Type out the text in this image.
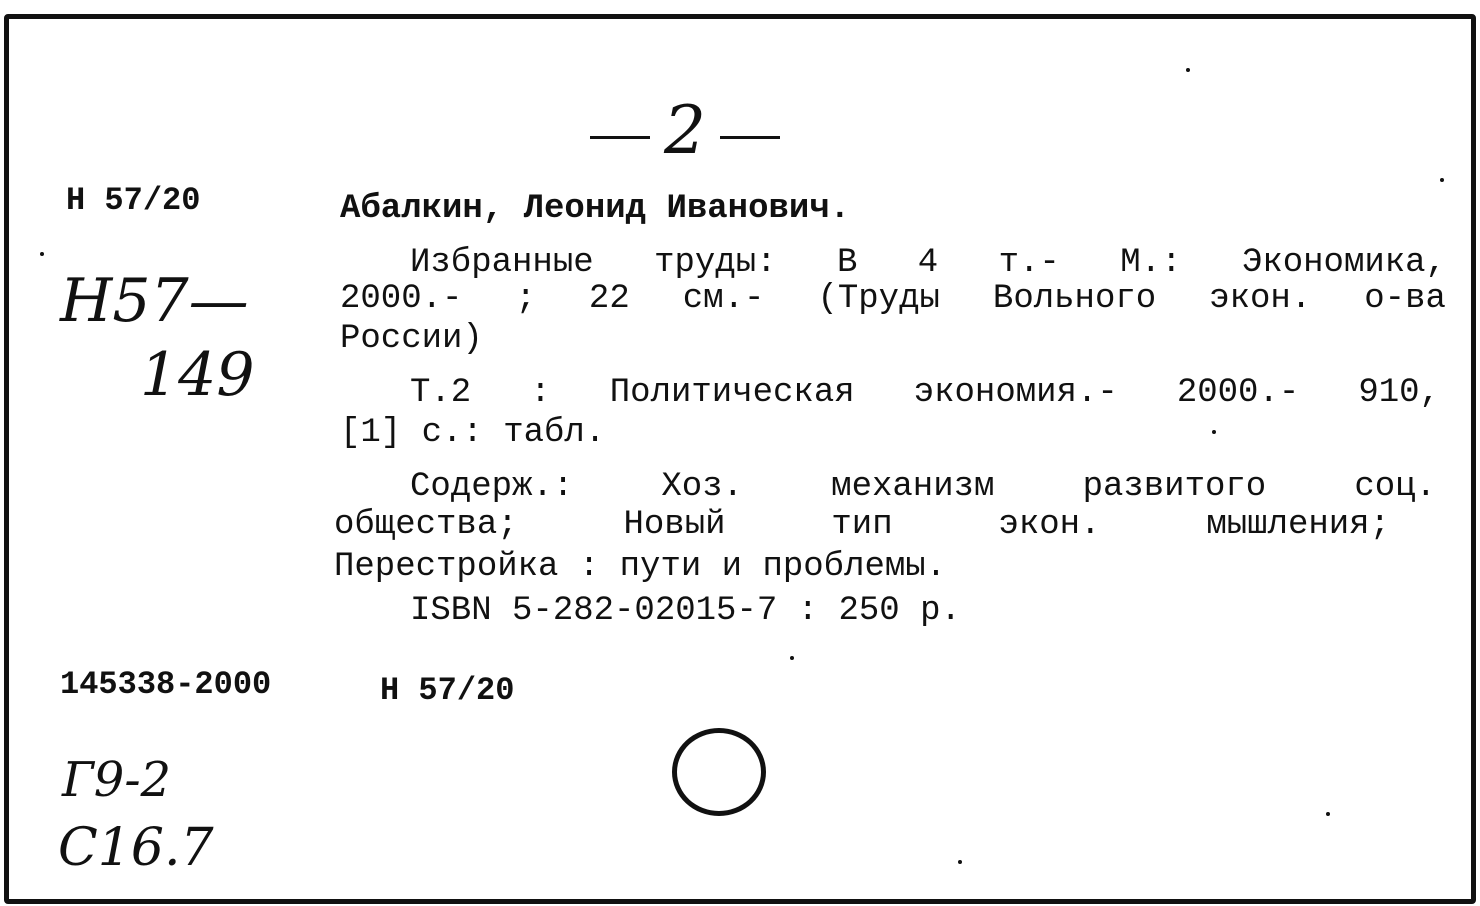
2
Н 57/20
Н57—
149
Абалкин, Леонид Иванович.
Избранные труды: В 4 т.- М.: Экономика,
2000.- ; 22 см.- (Труды Вольного экон. о-ва
России)
Т.2 : Политическая экономия.- 2000.- 910,
[1] с.: табл.
Содерж.:	Хоз.	механизм	развитого	соц.
общества;	Новый	тип	экон.	мышления;
Перестройка : пути и проблемы.
ISBN 5-282-02015-7 : 250 р.
145338-2000	Н 57/20
Г9-2
С16.7
